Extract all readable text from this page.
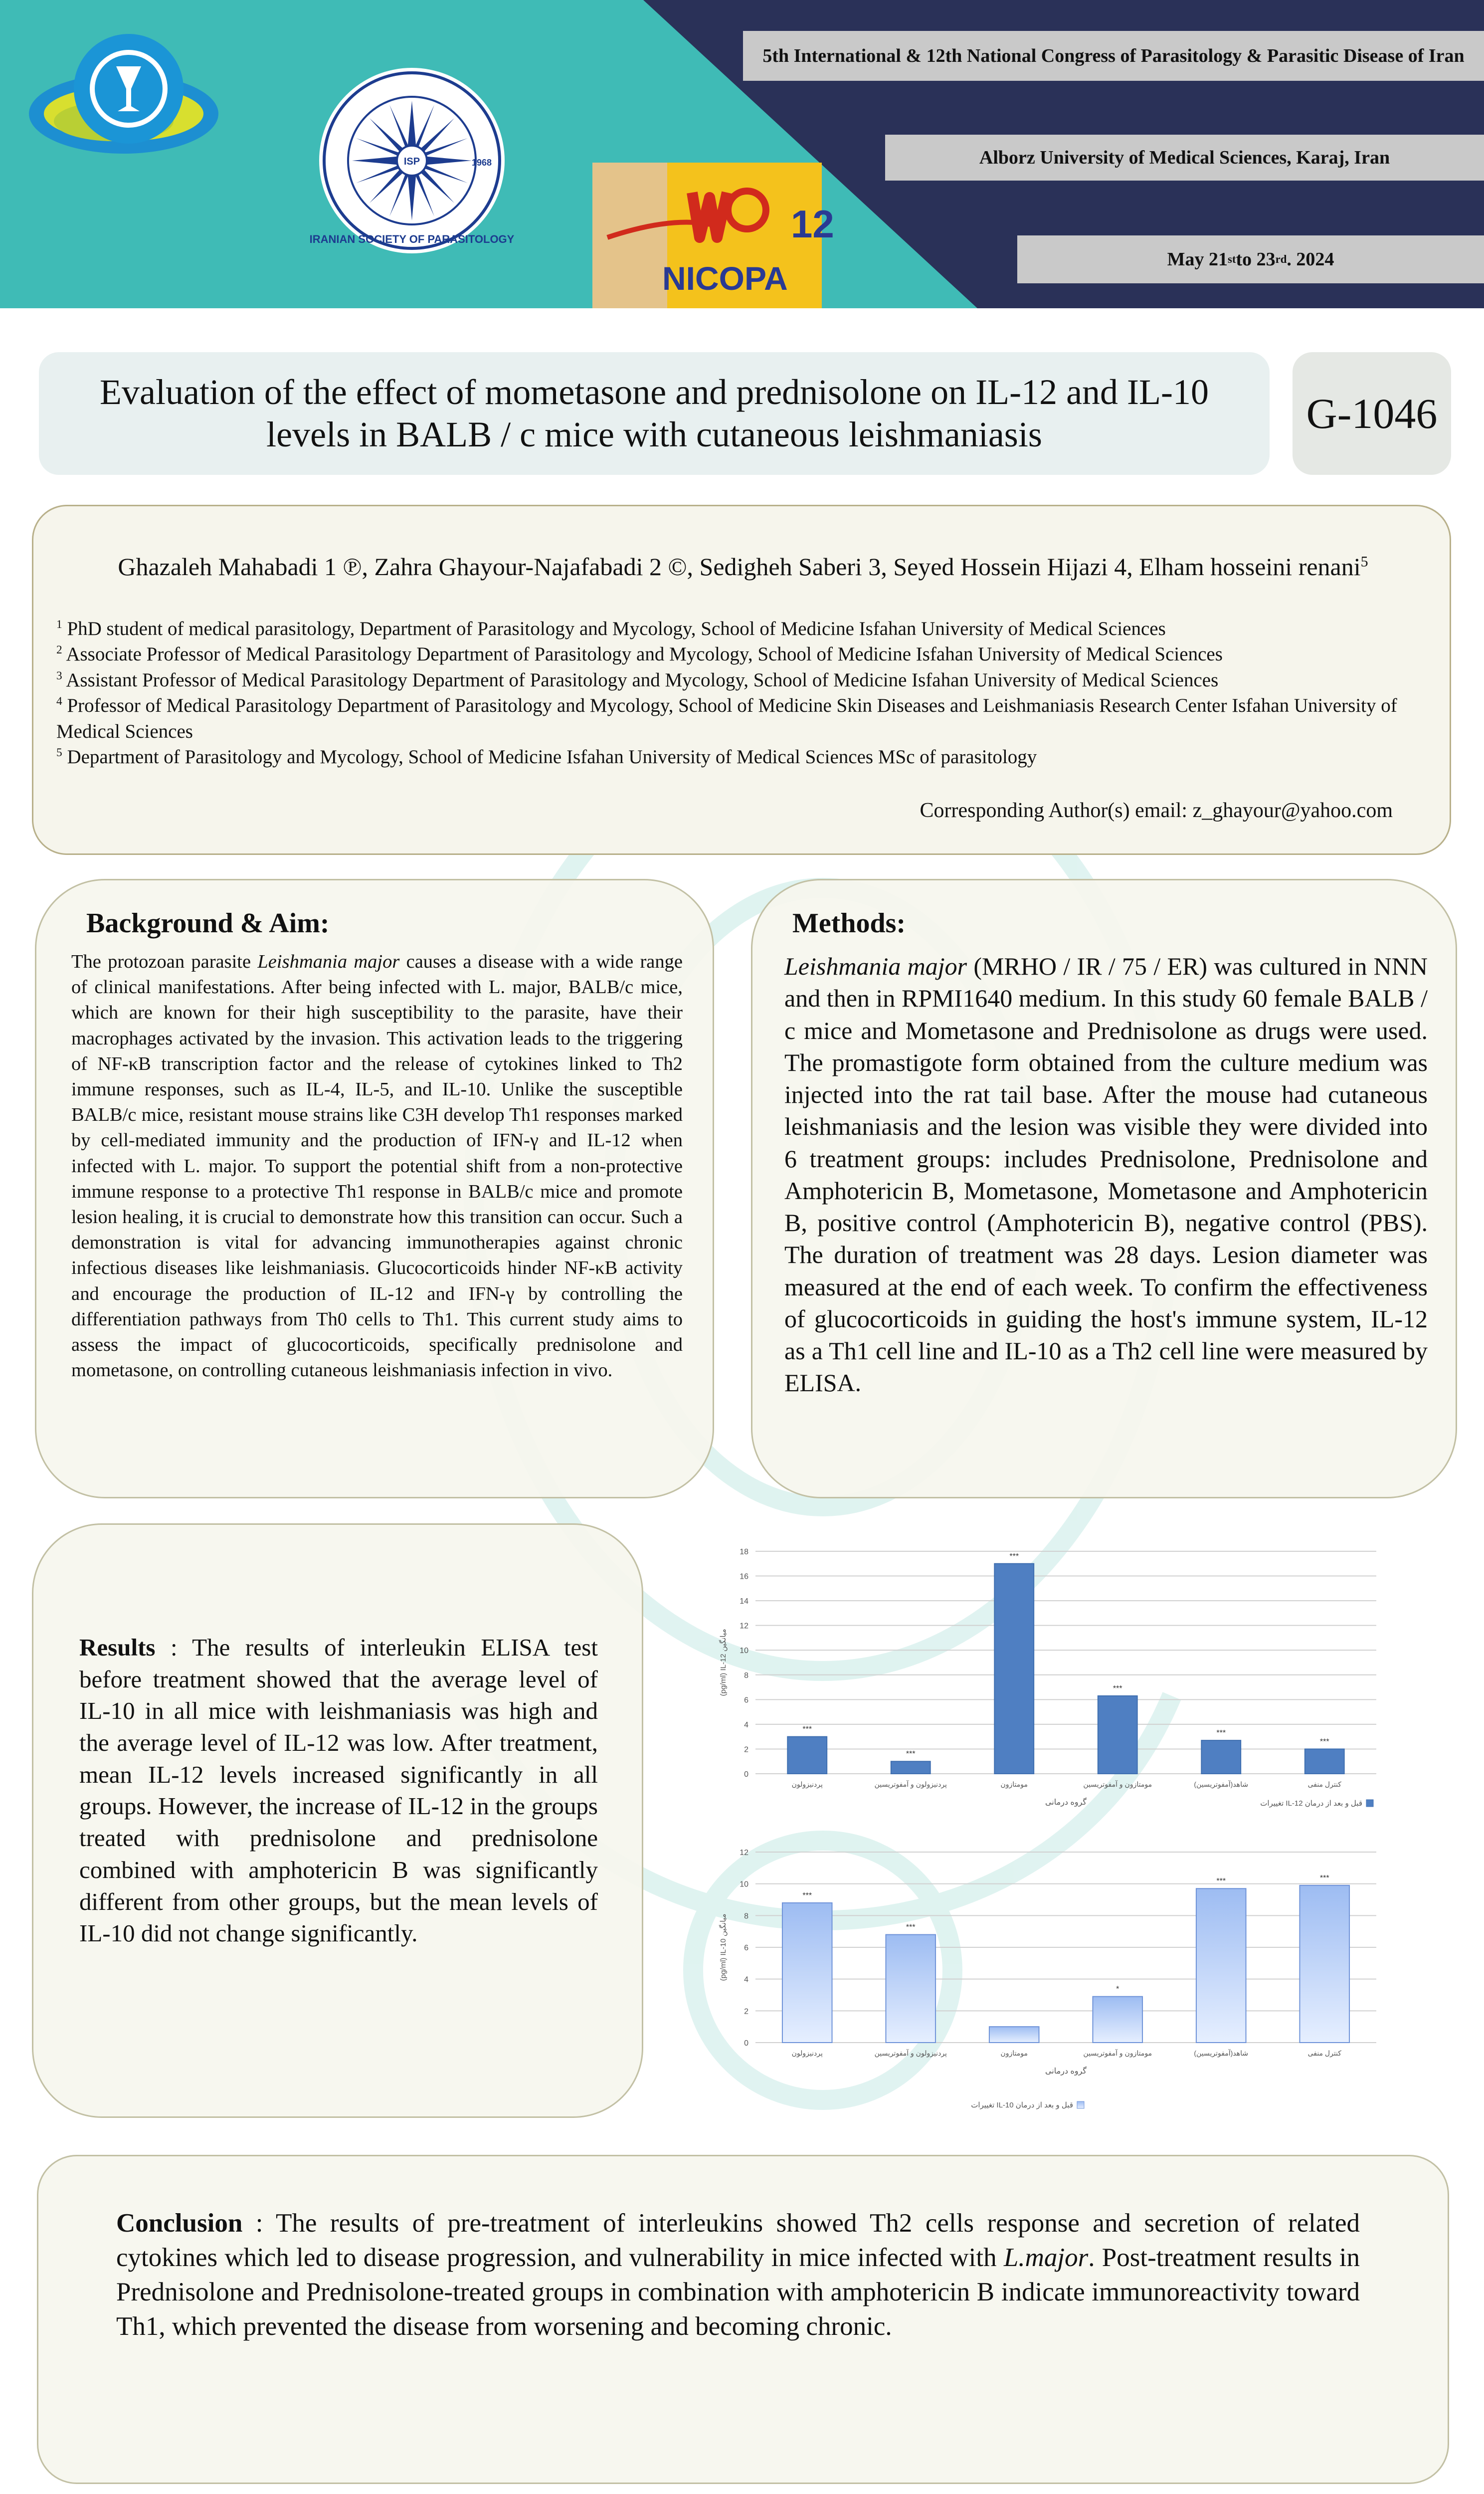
5th International & 12th National Congress of Parasitology & Parasitic Disease of Iran
Alborz University of Medical Sciences, Karaj, Iran
May 21 st to 23 rd . 2024
ISP
IRANIAN SOCIETY OF PARASITOLOGY
1968
12
NICOPA
Evaluation of the effect of mometasone and prednisolone on IL-12 and IL-10 levels in BALB / c mice with cutaneous leishmaniasis	G-1046
Ghazaleh Mahabadi 1 ℗, Zahra Ghayour-Najafabadi 2 ©, Sedigheh Saberi 3, Seyed Hossein Hijazi 4, Elham hosseini renani$^5$
$^1$ PhD student of medical parasitology, Department of Parasitology and Mycology, School of Medicine Isfahan University of Medical Sciences
$^2$ Associate Professor of Medical Parasitology Department of Parasitology and Mycology, School of Medicine Isfahan University of Medical Sciences
$^3$ Assistant Professor of Medical Parasitology Department of Parasitology and Mycology, School of Medicine Isfahan University of Medical Sciences
$^4$ Professor of Medical Parasitology Department of Parasitology and Mycology, School of Medicine Skin Diseases and Leishmaniasis Research Center Isfahan University of Medical Sciences
$^5$ Department of Parasitology and Mycology, School of Medicine Isfahan University of Medical Sciences MSc of parasitology
Corresponding Author(s) email: z_ghayour@yahoo.com
Background & Aim:
The protozoan parasite Leishmania major causes a disease with a wide range of clinical manifestations. After being infected with L. major, BALB/c mice, which are known for their high susceptibility to the parasite, have their macrophages activated by the invasion. This activation leads to the triggering of NF-κB transcription factor and the release of cytokines linked to Th2 immune responses, such as IL-4, IL-5, and IL-10. Unlike the susceptible BALB/c mice, resistant mouse strains like C3H develop Th1 responses marked by cell-mediated immunity and the production of IFN-γ and IL-12 when infected with L. major. To support the potential shift from a non-protective immune response to a protective Th1 response in BALB/c mice and promote lesion healing, it is crucial to demonstrate how this transition can occur. Such a demonstration is vital for advancing immunotherapies against chronic infectious diseases like leishmaniasis. Glucocorticoids hinder NF-κB activity and encourage the production of IL-12 and IFN-γ by controlling the differentiation pathways from Th0 cells to Th1. This current study aims to assess the impact of glucocorticoids, specifically prednisolone and mometasone, on controlling cutaneous leishmaniasis infection in vivo.
Methods:
Leishmania major (MRHO / IR / 75 / ER) was cultured in NNN and then in RPMI1640 medium. In this study 60 female BALB / c mice and Mometasone and Prednisolone as drugs were used. The promastigote form obtained from the culture medium was injected into the rat tail base. After the mouse had cutaneous leishmaniasis and the lesion was visible they were divided into 6 treatment groups: includes Prednisolone, Prednisolone and Amphotericin B, Mometasone, Mometasone and Amphotericin B, positive control (Amphotericin B), negative control (PBS). The duration of treatment was 28 days. Lesion diameter was measured at the end of each week. To confirm the effectiveness of glucocorticoids in guiding the host's immune system, IL-12 as a Th1 cell line and IL-10 as a Th2 cell line were measured by ELISA.
Results : The results of interleukin ELISA test before treatment showed that the average level of IL-10 in all mice with leishmaniasis was high and the average level of IL-12 was low. After treatment, mean IL-12 levels increased significantly in all groups. However, the increase of IL-12 in the groups treated with prednisolone and prednisolone combined with amphotericin B was significantly different from other groups, but the mean levels of IL-10 did not change significantly.
0
2
4
6
8
10
12
14
16
18
***
پردنیزولون
***
پردنیزولون و آمفوتریسین
***
مومتازون
***
مومتازون و آمفوتریسین
***
شاهد(آمفوتریسین)
***
کنترل منفی
گروه درمانی
(pg/ml) IL-12 میانگین
تغییرات IL-12 قبل و بعد از درمان
0
2
4
6
8
10
12
***
پردنیزولون
***
پردنیزولون و آمفوتریسین	مومتازون
*
مومتازون و آمفوتریسین
***
شاهد(آمفوتریسین)
***
کنترل منفی
گروه درمانی
(pg/ml) IL-10 میانگین
تغییرات IL-10 قبل و بعد از درمان
Conclusion : The results of pre-treatment of interleukins showed Th2 cells response and secretion of related cytokines which led to disease progression, and vulnerability in mice infected with L.major. Post-treatment results in Prednisolone and Prednisolone-treated groups in combination with amphotericin B indicate immunoreactivity toward Th1, which prevented the disease from worsening and becoming chronic.
